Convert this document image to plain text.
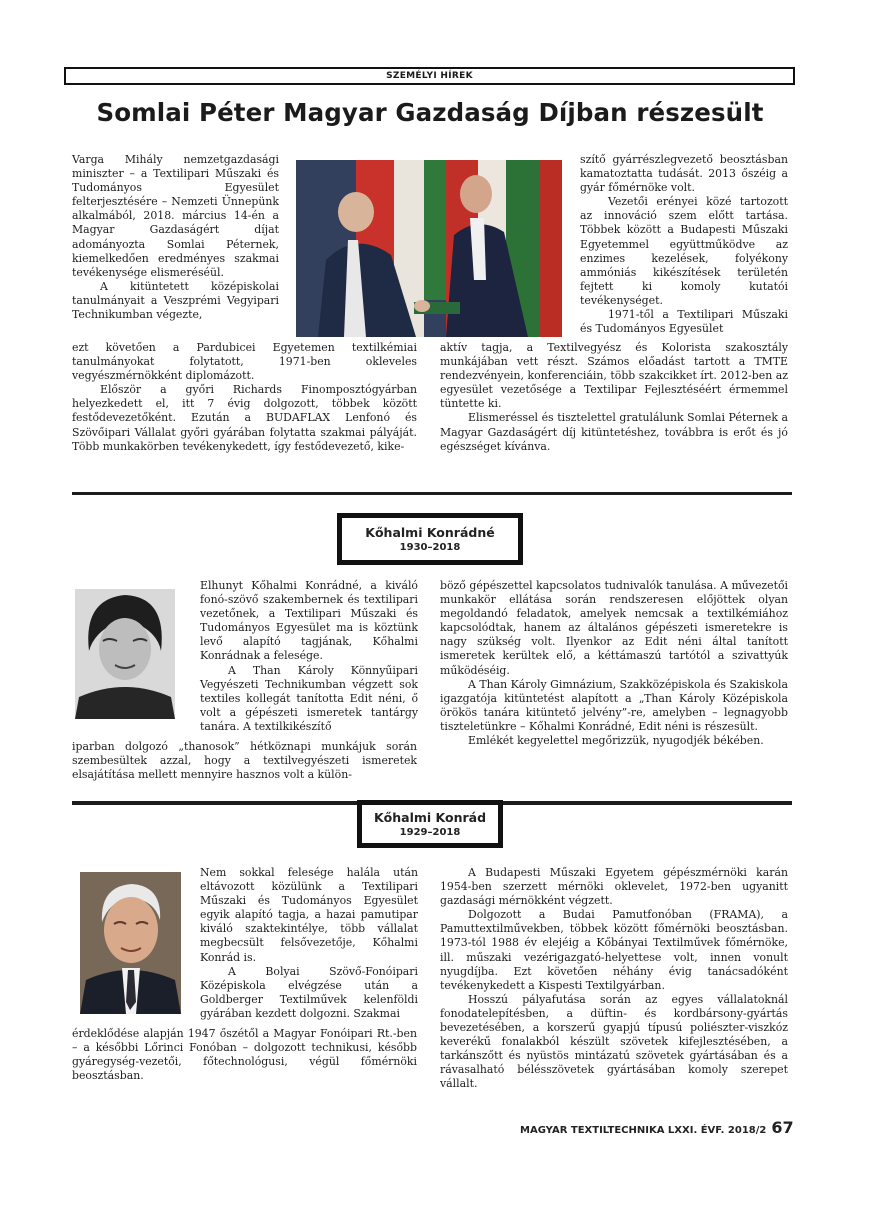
SZEMÉLYI HÍREK
Somlai Péter Magyar Gazdaság Díjban részesült

Varga Mihály nemzetgazdasági miniszter – a Textilipari Műszaki és Tudományos Egyesület felterjesztésére – Nemzeti Ünnepünk alkalmából, 2018. március 14-én a Magyar Gazdaságért díjat adományozta Somlai Péternek, kiemelkedően eredményes szakmai tevékenysége elismeréséül.

A kitüntetett középiskolai tanulmányait a Veszprémi Vegyipari Technikumban végezte,

szítő gyárrészlegvezető beosztásban kamatoztatta tudását. 2013 őszéig a gyár főmérnöke volt.

Vezetői erényei közé tartozott az innováció szem előtt tartása. Többek között a Budapesti Műszaki Egyetemmel együttműködve az enzimes kezelések, folyékony ammóniás kikészítések területén fejtett ki komoly kutatói tevékenységet.

1971-től a Textilipari Műszaki és Tudományos Egyesület

ezt követően a Pardubicei Egyetemen textilkémiai tanulmányokat folytatott, 1971-ben okleveles vegyészmérnökként diplomázott.

Először a győri Richards Finomposztógyárban helyezkedett el, itt 7 évig dolgozott, többek között festődevezetőként. Ezután a BUDAFLAX Lenfonó és Szövőipari Vállalat győri gyárában folytatta szakmai pályáját. Több munkakörben tevékenykedett, így festődevezető, kike-

aktív tagja, a Textilvegyész és Kolorista szakosztály munkájában vett részt. Számos előadást tartott a TMTE rendezvényein, konferenciáin, több szakcikket írt. 2012-ben az egyesület vezetősége a Textilipar Fejlesztéséért érmemmel tüntette ki.

Elismeréssel és tisztelettel gratulálunk Somlai Péternek a Magyar Gazdaságért díj kitüntetéshez, továbbra is erőt és jó egészséget kívánva.

Kőhalmi Konrádné
1930–2018

Elhunyt Kőhalmi Konrádné, a kiváló fonó-szövő szakembernek és textilipari vezetőnek, a Textilipari Műszaki és Tudományos Egyesület ma is köztünk levő alapító tagjának, Kőhalmi Konrádnak a felesége.

A Than Károly Könnyűipari Vegyészeti Technikumban végzett sok textiles kollegát tanította Edit néni, ő volt a gépészeti ismeretek tantárgy tanára. A textilkikészítő

iparban dolgozó „thanosok” hétköznapi munkájuk során szembesültek azzal, hogy a textilvegyészeti ismeretek elsajátítása mellett mennyire hasznos volt a külön-

böző gépészettel kapcsolatos tudnivalók tanulása. A művezetői munkakör ellátása során rendszeresen előjöttek olyan megoldandó feladatok, amelyek nemcsak a textilkémiához kapcsolódtak, hanem az általános gépészeti ismeretekre is nagy szükség volt. Ilyenkor az Edit néni által tanított ismeretek kerültek elő, a kéttámaszú tartótól a szivattyúk működéséig.

A Than Károly Gimnázium, Szakközépiskola és Szakiskola igazgatója kitüntetést alapított a „Than Károly Középiskola örökös tanára kitüntető jelvény”-re, amelyben – legnagyobb tiszteletünkre – Kőhalmi Konrádné, Edit néni is részesült.

Emlékét kegyelettel megőrizzük, nyugodjék békében.

Kőhalmi Konrád
1929–2018

Nem sokkal felesége halála után eltávozott közülünk a Textilipari Műszaki és Tudományos Egyesület egyik alapító tagja, a hazai pamutipar kiváló szaktekintélye, több vállalat megbecsült felsővezetője, Kőhalmi Konrád is.

A Bolyai Szövő-Fonóipari Középiskola elvégzése után a Goldberger Textilművek kelenföldi gyárában kezdett dolgozni. Szakmai

érdeklődése alapján 1947 őszétől a Magyar Fonóipari Rt.-ben – a későbbi Lőrinci Fonóban – dolgozott technikusi, később gyáregység-vezetői, főtechnológusi, végül főmérnöki beosztásban.

A Budapesti Műszaki Egyetem gépészmérnöki karán 1954-ben szerzett mérnöki oklevelet, 1972-ben ugyanitt gazdasági mérnökként végzett.

Dolgozott a Budai Pamutfonóban (FRAMA), a Pamuttextilművekben, többek között főmérnöki beosztásban. 1973-tól 1988 év elejéig a Kőbányai Textilművek főmérnöke, ill. műszaki vezérigazgató-helyettese volt, innen vonult nyugdíjba. Ezt követően néhány évig tanácsadóként tevékenykedett a Kispesti Textilgyárban.

Hosszú pályafutása során az egyes vállalatoknál fonodatelepítésben, a düftin- és kordbársony-gyártás bevezetésében, a korszerű gyapjú típusú poliészter-viszkóz keverékű fonalakból készült szövetek kifejlesztésében, a tarkánszőtt és nyüstös mintázatú szövetek gyártásában és a rávasalható bélésszövetek gyártásában komoly szerepet vállalt.

MAGYAR TEXTILTECHNIKA LXXI. ÉVF. 2018/2 67
